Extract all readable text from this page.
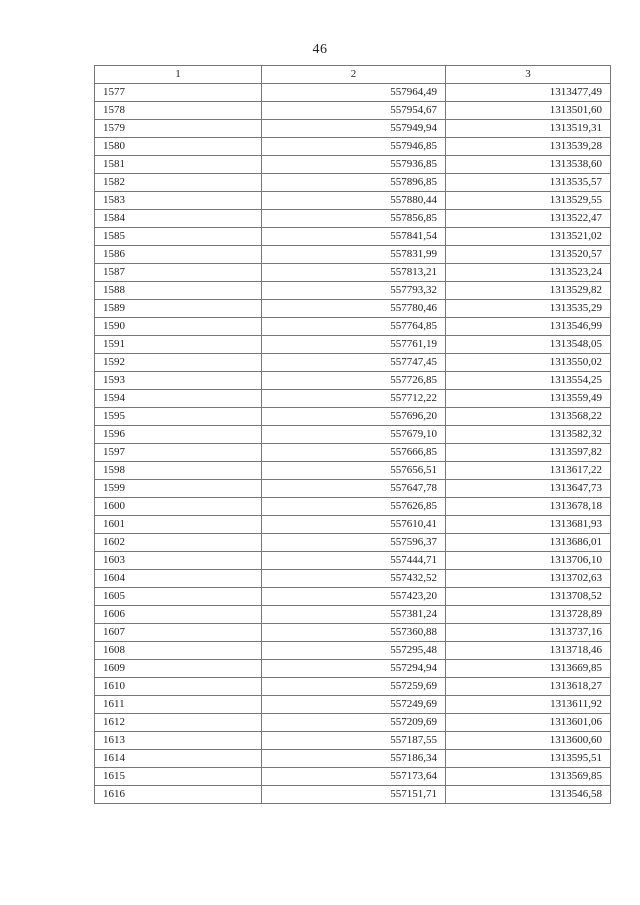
46
1	2	3
1577	557964,49	1313477,49
1578	557954,67	1313501,60
1579	557949,94	1313519,31
1580	557946,85	1313539,28
1581	557936,85	1313538,60
1582	557896,85	1313535,57
1583	557880,44	1313529,55
1584	557856,85	1313522,47
1585	557841,54	1313521,02
1586	557831,99	1313520,57
1587	557813,21	1313523,24
1588	557793,32	1313529,82
1589	557780,46	1313535,29
1590	557764,85	1313546,99
1591	557761,19	1313548,05
1592	557747,45	1313550,02
1593	557726,85	1313554,25
1594	557712,22	1313559,49
1595	557696,20	1313568,22
1596	557679,10	1313582,32
1597	557666,85	1313597,82
1598	557656,51	1313617,22
1599	557647,78	1313647,73
1600	557626,85	1313678,18
1601	557610,41	1313681,93
1602	557596,37	1313686,01
1603	557444,71	1313706,10
1604	557432,52	1313702,63
1605	557423,20	1313708,52
1606	557381,24	1313728,89
1607	557360,88	1313737,16
1608	557295,48	1313718,46
1609	557294,94	1313669,85
1610	557259,69	1313618,27
1611	557249,69	1313611,92
1612	557209,69	1313601,06
1613	557187,55	1313600,60
1614	557186,34	1313595,51
1615	557173,64	1313569,85
1616	557151,71	1313546,58
